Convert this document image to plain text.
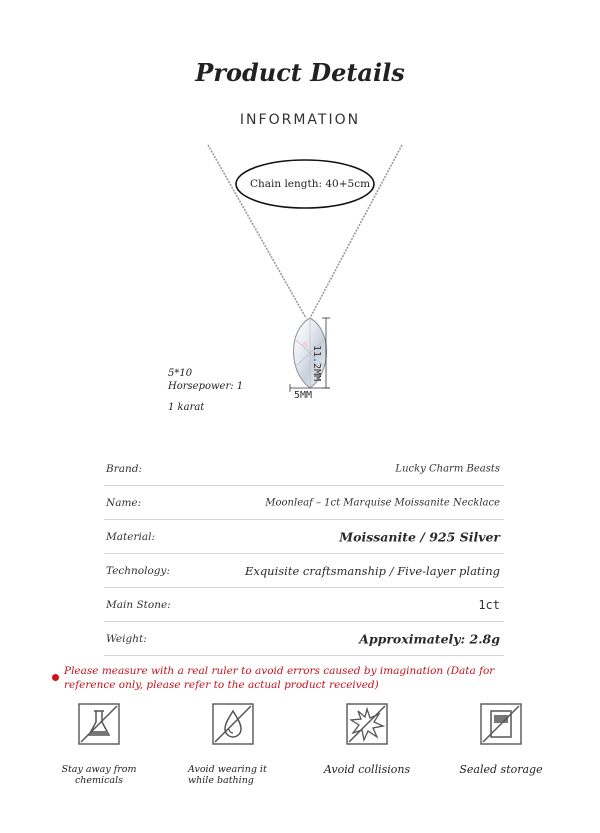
Product Details
INFORMATION
Chain length: 40+5cm
11.2MM
5MM
5*10
Horsepower: 1
1 karat
Brand:	Lucky Charm Beasts
Name:	Moonleaf – 1ct Marquise Moissanite Necklace
Material:	Moissanite / 925 Silver
Technology:	Exquisite craftsmanship / Five-layer plating
Main Stone:	1ct
Weight:	Approximately: 2.8g
Please measure with a real ruler to avoid errors caused by imagination (Data for reference only, please refer to the actual product received)
Stay away from chemicals
Avoid wearing it while bathing
Avoid collisions	Sealed storage
